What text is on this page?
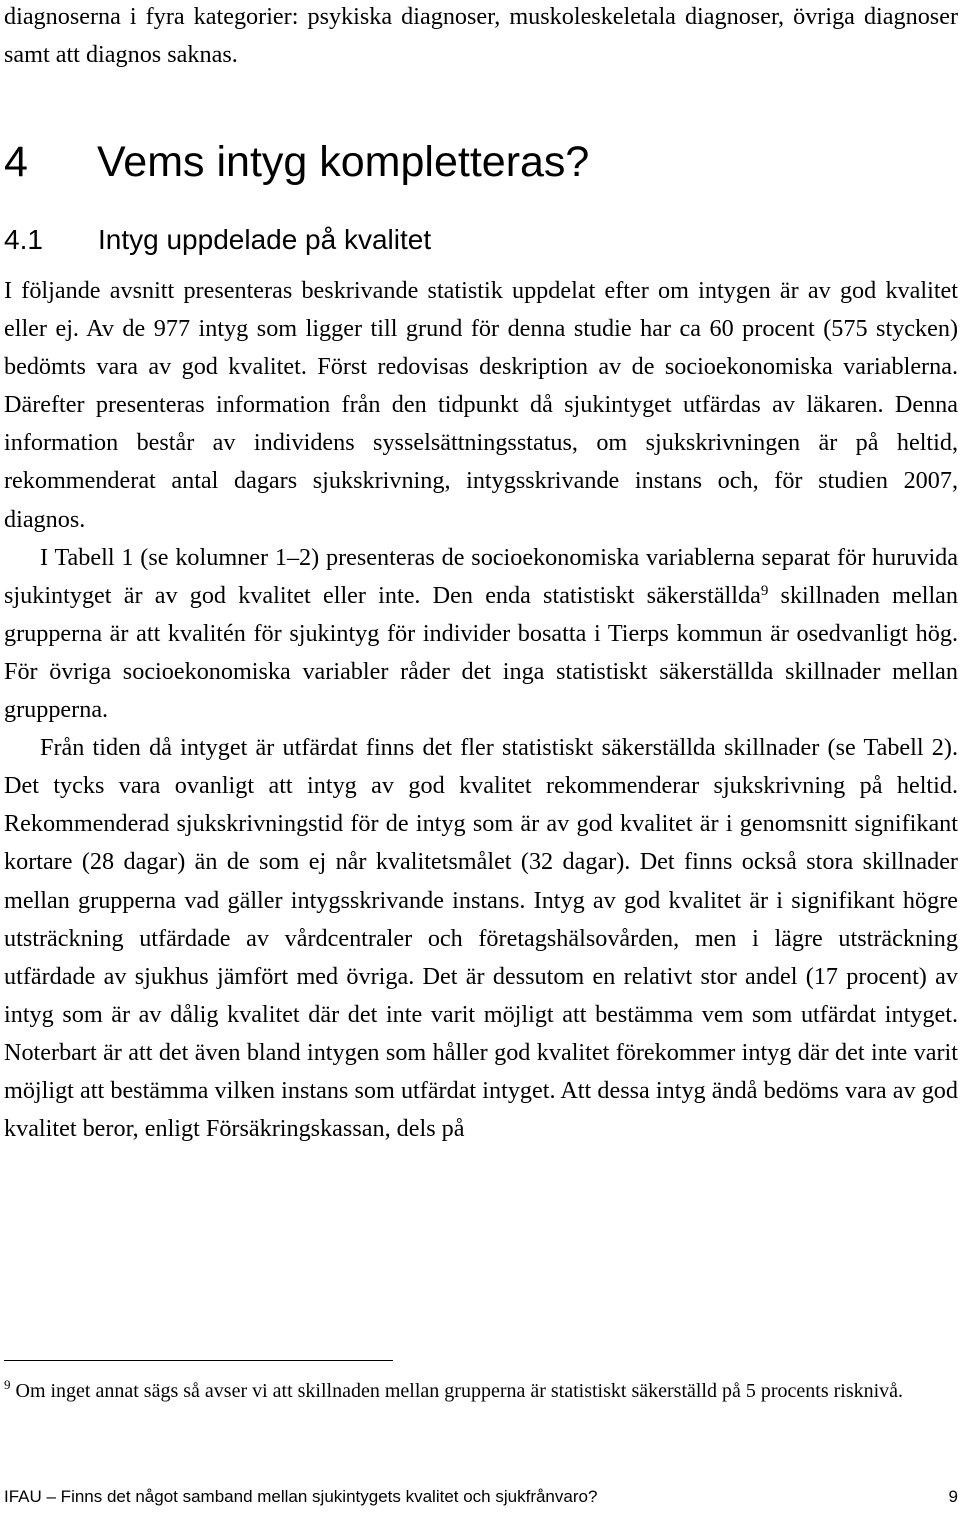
diagnoserna i fyra kategorier: psykiska diagnoser, muskoleskeletala diagnoser, övriga diagnoser samt att diagnos saknas.

4 Vems intyg kompletteras?
4.1 Intyg uppdelade på kvalitet

I följande avsnitt presenteras beskrivande statistik uppdelat efter om intygen är av god kvalitet eller ej. Av de 977 intyg som ligger till grund för denna studie har ca 60 procent (575 stycken) bedömts vara av god kvalitet. Först redovisas deskription av de socioekonomiska variablerna. Därefter presenteras information från den tidpunkt då sjukintyget utfärdas av läkaren. Denna information består av individens sysselsättningsstatus, om sjukskrivningen är på heltid, rekommenderat antal dagars sjukskrivning, intygsskrivande instans och, för studien 2007, diagnos.

I Tabell 1 (se kolumner 1–2) presenteras de socioekonomiska variablerna separat för huruvida sjukintyget är av god kvalitet eller inte. Den enda statistiskt säkerställda$^9$ skillnaden mellan grupperna är att kvalitén för sjukintyg för individer bosatta i Tierps kommun är osedvanligt hög. För övriga socioekonomiska variabler råder det inga statistiskt säkerställda skillnader mellan grupperna.

Från tiden då intyget är utfärdat finns det fler statistiskt säkerställda skillnader (se Tabell 2). Det tycks vara ovanligt att intyg av god kvalitet rekommenderar sjukskrivning på heltid. Rekommenderad sjukskrivningstid för de intyg som är av god kvalitet är i genomsnitt signifikant kortare (28 dagar) än de som ej når kvalitetsmålet (32 dagar). Det finns också stora skillnader mellan grupperna vad gäller intygsskrivande instans. Intyg av god kvalitet är i signifikant högre utsträckning utfärdade av vårdcentraler och företagshälsovården, men i lägre utsträckning utfärdade av sjukhus jämfört med övriga. Det är dessutom en relativt stor andel (17 procent) av intyg som är av dålig kvalitet där det inte varit möjligt att bestämma vem som utfärdat intyget. Noterbart är att det även bland intygen som håller god kvalitet förekommer intyg där det inte varit möjligt att bestämma vilken instans som utfärdat intyget. Att dessa intyg ändå bedöms vara av god kvalitet beror, enligt Försäkringskassan, dels på

$^9$ Om inget annat sägs så avser vi att skillnaden mellan grupperna är statistiskt säkerställd på 5 procents risknivå.

IFAU – Finns det något samband mellan sjukintygets kvalitet och sjukfrånvaro?	9
